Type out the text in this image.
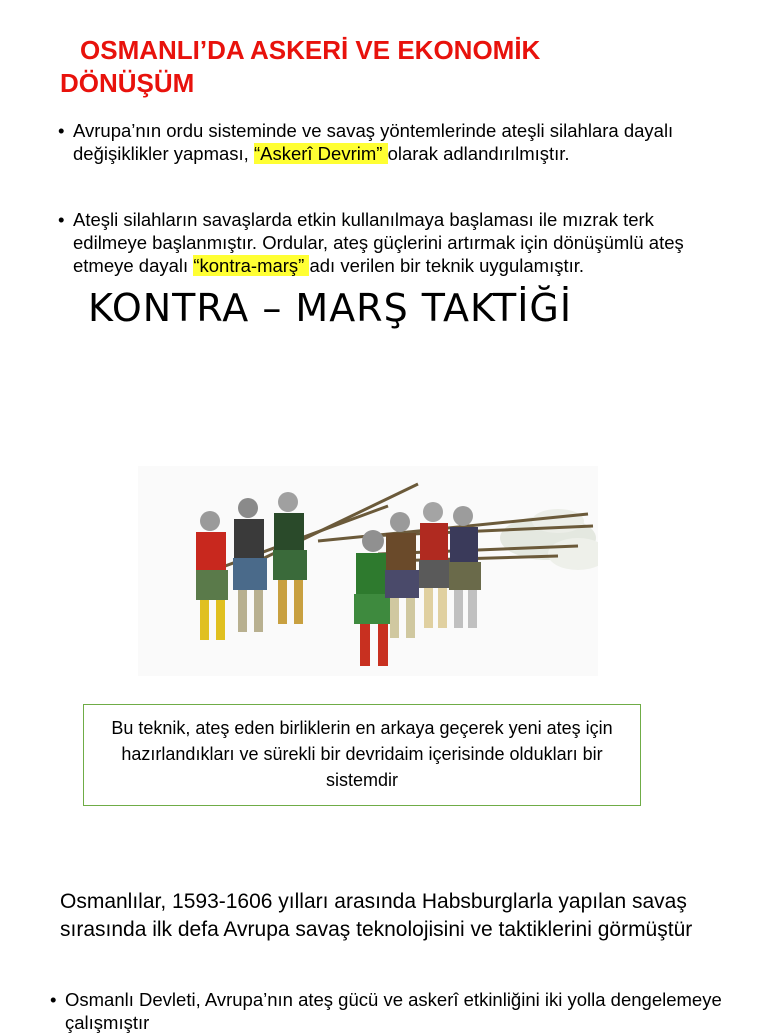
OSMANLI’DA ASKERİ VE EKONOMİK
DÖNÜŞÜM
• Avrupa’nın ordu sisteminde ve savaş yöntemlerinde ateşli silahlara dayalı değişiklikler yapması, “Askerî Devrim” olarak adlandırılmıştır.
• Ateşli silahların savaşlarda etkin kullanılmaya başlaması ile mızrak terk edilmeye başlanmıştır. Ordular, ateş güçlerini artırmak için dönüşümlü ateş etmeye dayalı “kontra-marş” adı verilen bir teknik uygulamıştır.
KONTRA – MARŞ TAKTİĞİ
Bu teknik, ateş eden birliklerin en arkaya geçerek yeni ateş için hazırlandıkları ve sürekli bir devridaim içerisinde oldukları bir sistemdir
Osmanlılar, 1593-1606 yılları arasında Habsburglarla yapılan savaş sırasında ilk defa Avrupa savaş teknolojisini ve taktiklerini görmüştür
• Osmanlı Devleti, Avrupa’nın ateş gücü ve askerî etkinliğini iki yolla dengelemeye çalışmıştır
